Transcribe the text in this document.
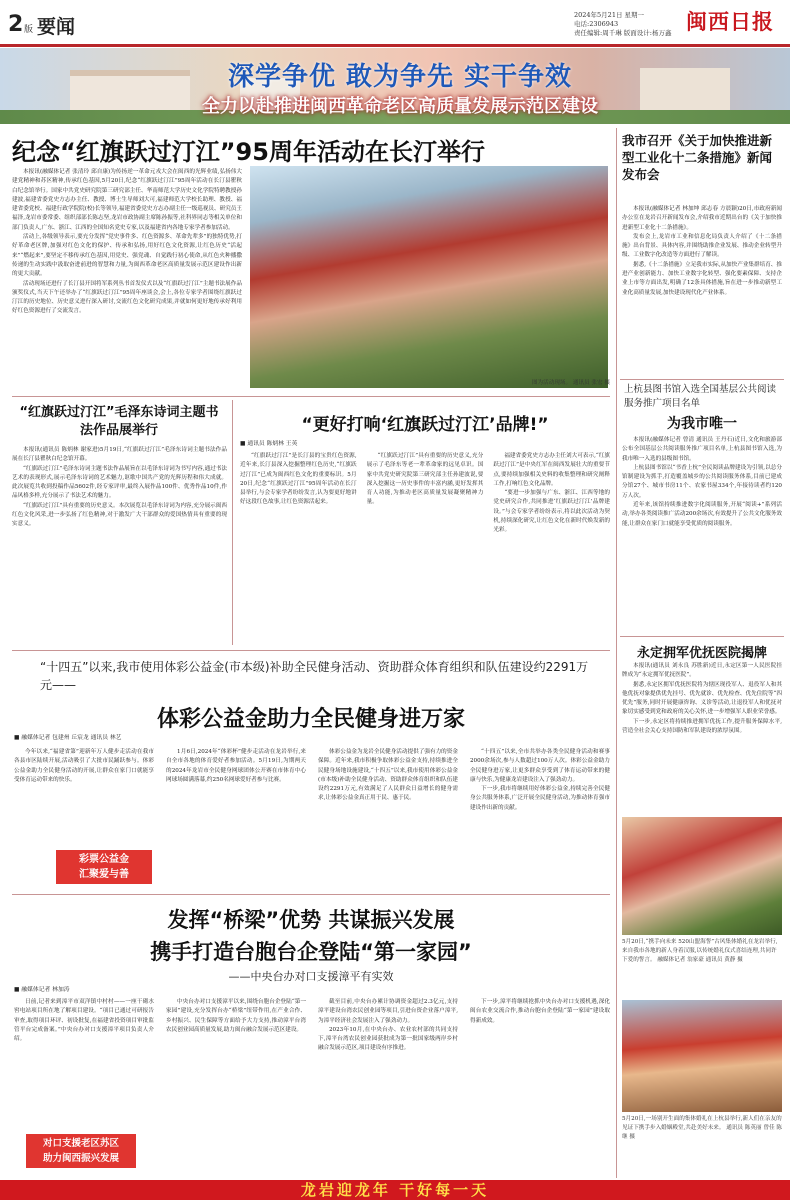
2 版 要闻
2024年5月21日 星期一
电话:2306943
责任编辑:周千琳 版面设计:杨万鑫 闽西日报
深学争优 敢为争先 实干争效
全力以赴推进闽西革命老区高质量发展示范区建设
纪念“红旗跃过汀江”95周年活动在长汀举行

本报讯(融媒体记者 张清玲 邱自康)为传扬逆一革命元戎大会在闽西的光辉业绩,弘扬伟大建党精神和苏区精神,传承红色基因,5月20日,纪念“红旗跃过汀江”95周年活动在长汀县瞿秋白纪念馆举行。国家中共党史研究院第三研究部主任、华南师范大学历史文化学院特聘教授孙建波,福建省委党史方志办主任、教授、博士生导师刘大可,福建师范大学校长助理、教授、福建省委党校、福建行政学院院(校)长等领导,福建省委党史方志办副主任一级巡视员、研究员王福泽,龙岩市委常委、组织部部长陈志坚,龙岩市政协副主席陈孙振等,社科界同志等相关单位和部门负责人,广东、浙江、江西的全国知名党史专家,以及福建省内各地专家学者参加活动。

活动上,各级领导表示,要充分发挥“党史事件多、红色资源多、革命先辈多”的独特优势,打好革命老区牌,加强对红色文化的保护、传承和弘扬,用好红色文化资源,让红色历史“活起来”“燃起来”,要坚定不移传承红色基因,用党史、强党魂、自觉践行初心使命,从红色火种播撒传递的生动实践中汲取奋进前进的智慧和力量,为闽西革命老区高质量发展示范区建设作出新的更大贡献。

活动现场还进行了长汀县开国将军系列丛书首发仪式以及“红旗跃过汀江”主题书法展作品颁奖仪式,当天下午还举办了“红旗跃过汀江”95周年座谈会,会上,各位专家学者围绕红旗跃过汀江的历史地位、历史意义进行深入研讨,交流红色文化研究成果,并就如何更好地传承好利用好红色资源进行了交流发言。

图为活动现场。 通讯员 张宏 摄
“红旗跃过汀江”毛泽东诗词主题书法作品展举行

本报讯(通讯员 陈炳林 谢家进)5月19日,“红旗跃过汀江”毛泽东诗词主题书法作品展在长汀县瞿秋白纪念馆开幕。

“红旗跃过汀江”毛泽东诗词主题书法作品展旨在以毛泽东诗词为书写内容,通过书法艺术的表现形式,展示毛泽东诗词的艺术魅力,讴歌中国共产党的光辉历程和伟大成就。此次展览共收到投稿作品5602件,经专家评审,最终入展作品100件、优秀作品10件,作品风格多样,充分展示了书法艺术的魅力。

“红旗跃过汀江”具有重要的历史意义。本次展览以毛泽东诗词为内容,充分展示闽西红色文化风采,进一步弘扬了红色精神,对于激发广大干部群众的爱国热情具有重要的现实意义。

“更好打响‘红旗跃过汀江’品牌!”
■ 通讯员 陈炳林 王英

“红旗跃过汀江”是长汀县的宝贵红色资源,近年来,长汀县深入挖掘整理红色历史,“红旗跃过汀江”已成为闽西红色文化的重要标识。5月20日,纪念“红旗跃过汀江”95周年活动在长汀县举行,与会专家学者纷纷发言,认为要更好地讲好这段红色故事,让红色资源活起来。

“红旗跃过汀江”具有重要的历史意义,充分展示了毛泽东等老一辈革命家的远见卓识。国家中共党史研究院第三研究部主任孙建波说,要深入挖掘这一历史事件的丰富内涵,更好发挥其育人功能,为推动老区高质量发展凝聚精神力量。

福建省委党史方志办主任刘大可表示,“红旗跃过汀江”是中央红军在闽西发展壮大的重要节点,要持续加强相关史料的收集整理和研究阐释工作,打响红色文化品牌。

“要进一步加强与广东、浙江、江西等地的党史研究合作,共同推进‘红旗跃过汀江’品牌建设。”与会专家学者纷纷表示,将以此次活动为契机,持续深化研究,让红色文化在新时代焕发新的光彩。

我市召开《关于加快推进新型工业化十二条措施》新闻发布会

本报讯(融媒体记者 林加坤 邱志春 方晨颖)20日,市政府新闻办公室在龙岩召开新闻发布会,介绍我市近期出台的《关于加快推进新型工业化十二条措施》。

发布会上,龙岩市工业和信息化局负责人介绍了《十二条措施》出台背景、具体内容,并围绕助推企业发展、推动企业转型升级、工业数字化改造等方面进行了解读。

据悉,《十二条措施》立足我市实际,从加快产业集群培育、推进产业创新能力、加快工业数字化转型、强化要素保障、支持企业上市等方面出发,明确了12条具体措施,旨在进一步推动新型工业化高质量发展,加快建设现代化产业体系。

上杭县图书馆入选全国基层公共阅读服务推广项目名单
为我市唯一

本报讯(融媒体记者 曾清 通讯员 王丹石)近日,文化和旅游部公布全国基层公共阅读服务推广项目名单,上杭县图书馆入选,为我市唯一入选的县级图书馆。

上杭县图书馆以“书香上杭”全民阅读品牌建设为引领,以总分馆制建设为抓手,打造覆盖城乡的公共阅读服务体系,目前已建成分馆27个、城市书房11个、农家书屋334个,年接待读者约120万人次。

近年来,该馆持续推进数字化阅读服务,开展“阅读+”系列活动,举办各类阅读推广活动200余场次,有效提升了公共文化服务效能,让群众在家门口就能享受优质的阅读服务。

永定拥军优抚医院揭牌

本报讯(通讯员 刘永良 苏胜新)近日,永定区第一人民医院挂牌成为“永定拥军优抚医院”。

据悉,永定区拥军优抚医院将为辖区现役军人、退役军人和其他优抚对象提供优先挂号、优先就诊、优先检查、优先住院等“四优先”服务,同时开展健康咨询、义诊等活动,让退役军人和优抚对象切实感受到党和政府的关心关怀,进一步增强军人职业荣誉感。

下一步,永定区将持续推进拥军优抚工作,提升服务保障水平,营造全社会关心支持国防和军队建设的浓厚氛围。

5月20日,“携手向未来 520山盟海誓”古风集体婚礼在龙岩举行,来自我市各地的新人身着汉服,以传统婚礼仪式喜结连理,共同许下爱的誓言。 融媒体记者 翁家豪 通讯员 黄静 摄
5月20日,一场别开生面的集体婚礼在上杭县举行,新人们在亲友的见证下携手步入婚姻殿堂,共赴美好未来。 通讯员 陈英丽 曾佳 陈继 摄
“十四五”以来,我市使用体彩公益金(市本级)补助全民健身活动、资助群众体育组织和队伍建设约2291万元——
体彩公益金助力全民健身进万家
■ 融媒体记者 包建州 丘宸龙 通讯员 林艺

今年以来,“福建省第”迎新年万人健步走活动在我市各县市区陆续开展,活动吸引了大批市民踊跃参与。体彩公益金助力全民健身活动的开展,让群众在家门口就能享受体育运动带来的快乐。

1月6日,2024年“体彩杯”健步走活动在龙岩举行,来自全市各地的体育爱好者参加活动。5月19日,为期两天的2024年龙岩市全民健身网球团体公开赛在市体育中心网球场圆满落幕,约250名网球爱好者参与比赛。

体彩公益金为龙岩全民健身活动提供了强有力的资金保障。近年来,我市积极争取体彩公益金支持,持续推进全民健身场地设施建设,“十四五”以来,我市使用体彩公益金(市本级)补助全民健身活动、资助群众体育组织和队伍建设约2291万元,有效满足了人民群众日益增长的健身需求,让体彩公益金真正用于民、惠于民。

“十四五”以来,全市共举办各类全民健身活动和赛事2000余场次,参与人数超过100万人次。体彩公益金助力全民健身进万家,让更多群众享受到了体育运动带来的健康与快乐,为健康龙岩建设注入了强劲动力。

下一步,我市将继续用好体彩公益金,持续完善全民健身公共服务体系,广泛开展全民健身活动,为推动体育强市建设作出新的贡献。

彩票公益金
汇聚爱与善
发挥“桥梁”优势 共谋振兴发展
携手打造台胞台企登陆“第一家园”
——中央台办对口支援漳平有实效
■ 融媒体记者 林加涛

日前,记者来到漳平市双洋镇中村村——一座干砌水窖电站项目所在地了解项目建设。“项目已通过可研报告审查,取得项目环评、初设批复,在福建省投资项目审批监管平台完成备案。”中央台办对口支援漳平项目负责人介绍。

中央台办对口支援漳平以来,围绕台胞台企登陆“第一家园”建设,充分发挥台办“桥梁”纽带作用,在产业合作、乡村振兴、民生保障等方面给予大力支持,推动漳平台湾农民创业园高质量发展,助力闽台融合发展示范区建设。

截至目前,中央台办累计协调资金超过2.3亿元,支持漳平建设台湾农民创业园等项目,引进台资企业落户漳平,为漳平经济社会发展注入了强劲动力。

2023年10月,在中央台办、农业农村部的共同支持下,漳平台湾农民创业园获批成为第一批国家级两岸乡村融合发展示范区,项目建设有序推进。

下一步,漳平将继续抢抓中央台办对口支援机遇,深化闽台农业交流合作,推动台胞台企登陆“第一家园”建设取得新成效。

对口支援老区苏区
助力闽西振兴发展
龙岩迎龙年 干好每一天
